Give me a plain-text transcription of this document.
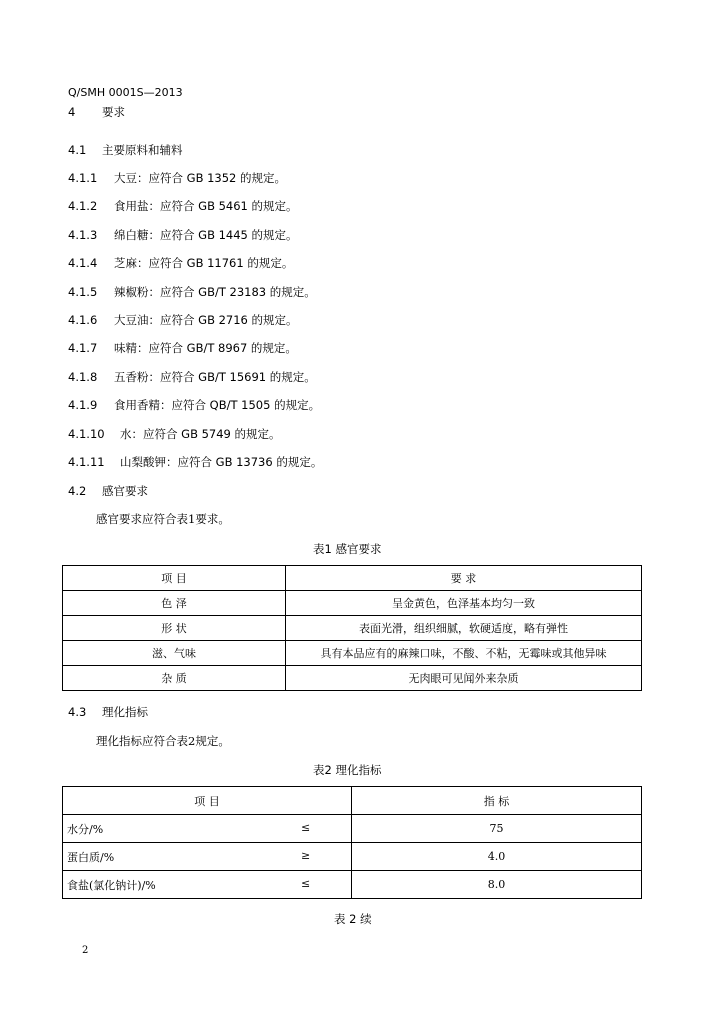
Q/SMH 0001S—2013
4 要求
4.1 主要原料和辅料
4.1.1 大豆：应符合 GB 1352 的规定。
4.1.2 食用盐：应符合 GB 5461 的规定。
4.1.3 绵白糖：应符合 GB 1445 的规定。
4.1.4 芝麻：应符合 GB 11761 的规定。
4.1.5 辣椒粉：应符合 GB/T 23183 的规定。
4.1.6 大豆油：应符合 GB 2716 的规定。
4.1.7 味精：应符合 GB/T 8967 的规定。
4.1.8 五香粉：应符合 GB/T 15691 的规定。
4.1.9 食用香精：应符合 QB/T 1505 的规定。
4.1.10 水：应符合 GB 5749 的规定。
4.1.11 山梨酸钾：应符合 GB 13736 的规定。
4.2 感官要求
感官要求应符合表1要求。
表1 感官要求
项 目	要 求
色 泽	呈金黄色，色泽基本均匀一致
形 状	表面光滑，组织细腻，软硬适度，略有弹性
滋、气味	具有本品应有的麻辣口味，不酸、不粘，无霉味或其他异味
杂 质	无肉眼可见闻外来杂质
4.3 理化指标
理化指标应符合表2规定。
表2 理化指标
项 目	指 标

水分/% ≤	75

蛋白质/% ≥	4.0

食盐(氯化钠计)/% ≤	8.0
表 2 续
2
